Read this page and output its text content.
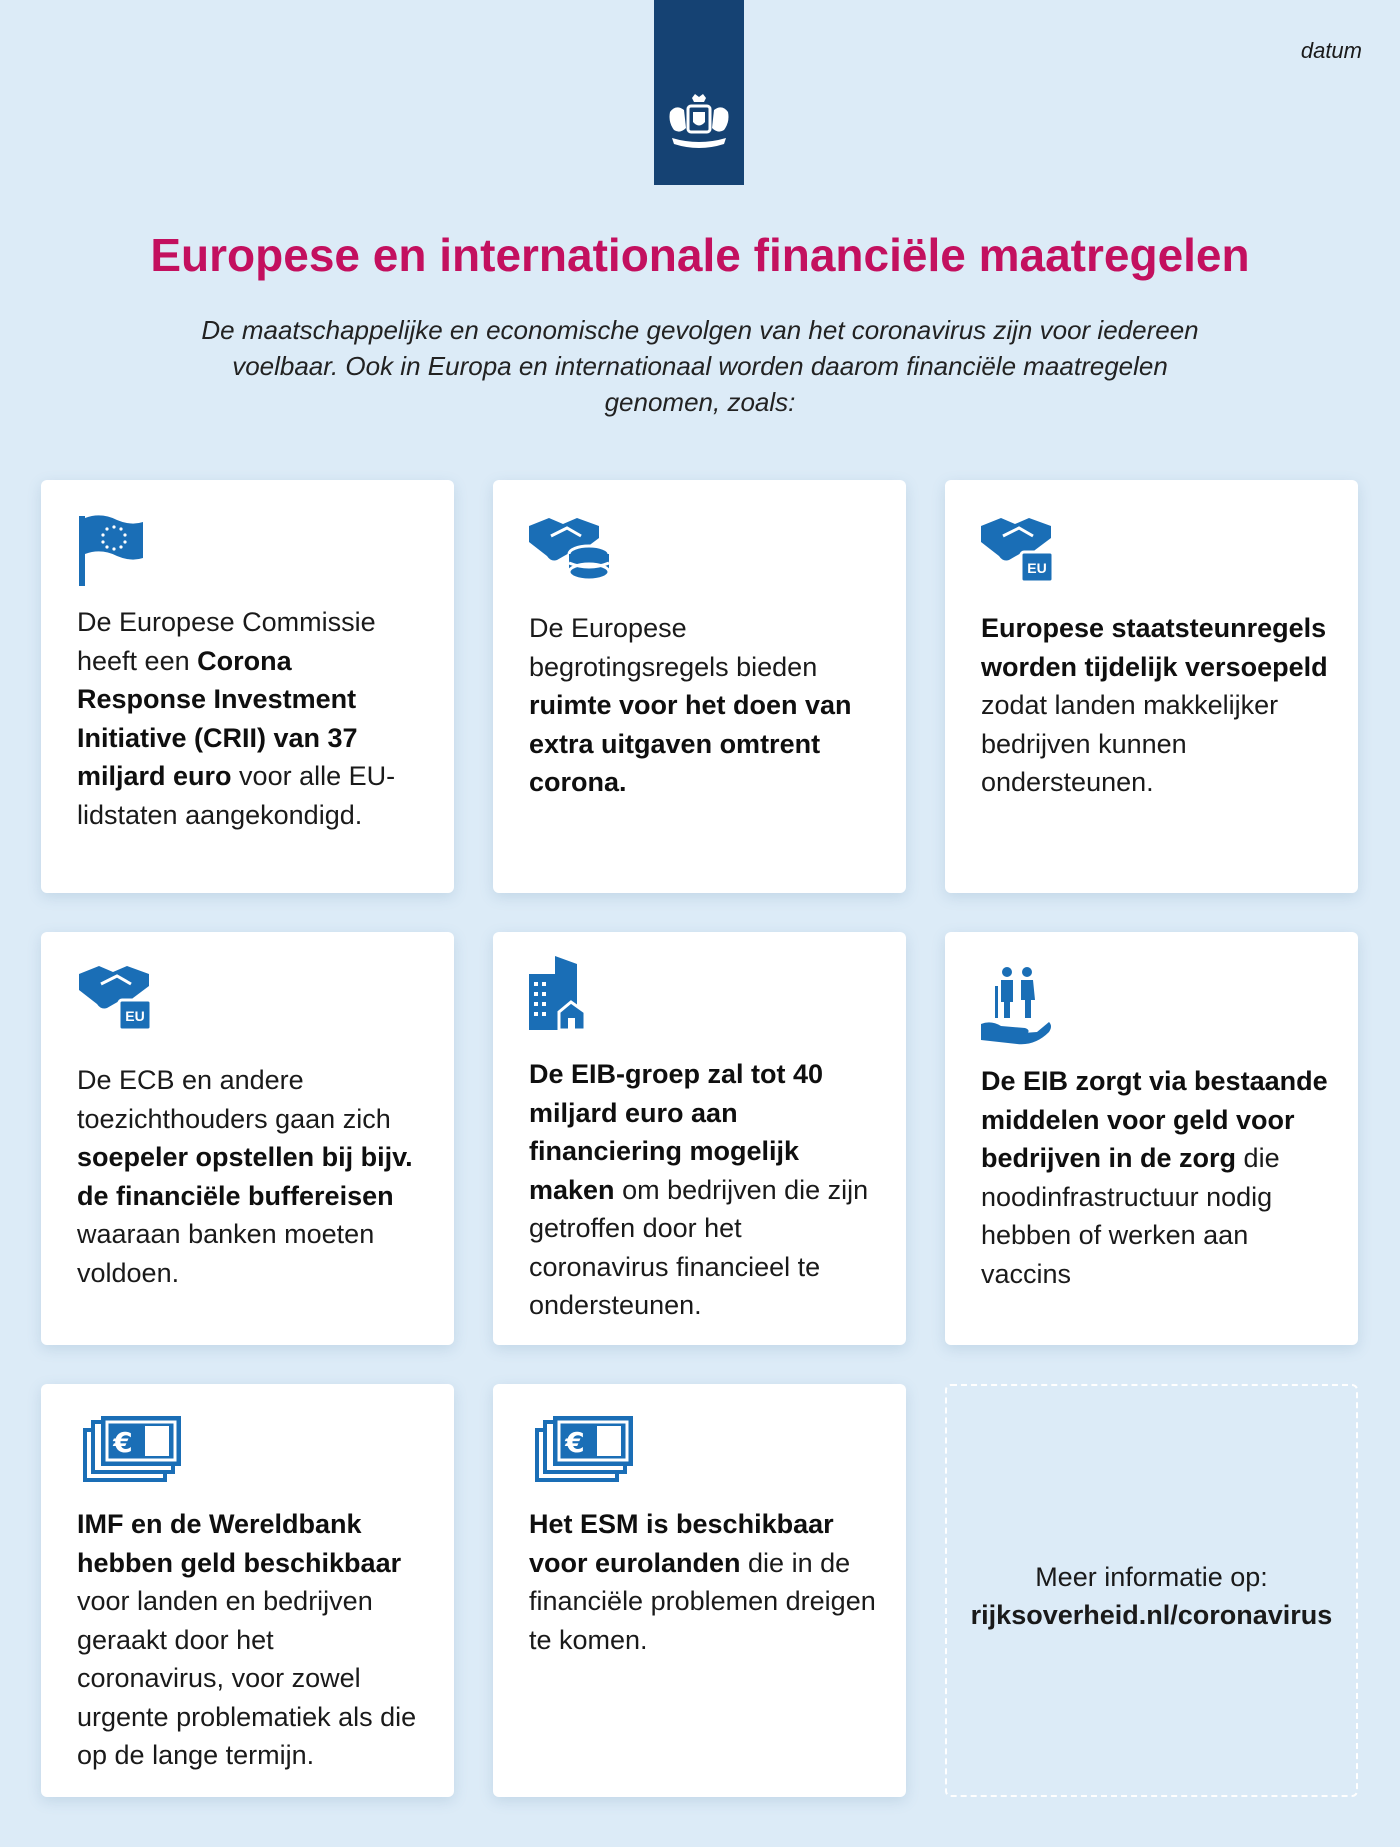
datum
Europese en internationale financiële maatregelen

De maatschappelijke en economische gevolgen van het coronavirus zijn voor iedereen voelbaar. Ook in Europa en internationaal worden daarom financiële maatregelen genomen, zoals:

De Europese Commissie heeft een Corona Response Investment Initiative (CRII) van 37 miljard euro voor alle EU-lidstaten aangekondigd.
De Europese begrotingsregels bieden ruimte voor het doen van extra uitgaven omtrent corona.
EU
Europese staatsteunregels worden tijdelijk versoepeld zodat landen makkelijker bedrijven kunnen ondersteunen.
EU
De ECB en andere toezichthouders gaan zich soepeler opstellen bij bijv. de financiële buffereisen waaraan banken moeten voldoen.
De EIB-groep zal tot 40 miljard euro aan financiering mogelijk maken om bedrijven die zijn getroffen door het coronavirus financieel te ondersteunen.
De EIB zorgt via bestaande middelen voor geld voor bedrijven in de zorg die noodinfrastructuur nodig hebben of werken aan vaccins
€
IMF en de Wereldbank hebben geld beschikbaar voor landen en bedrijven geraakt door het coronavirus, voor zowel urgente problematiek als die op de lange termijn.
€
Het ESM is beschikbaar voor eurolanden die in de financiële problemen dreigen te komen.
Meer informatie op:
rijksoverheid.nl/coronavirus
